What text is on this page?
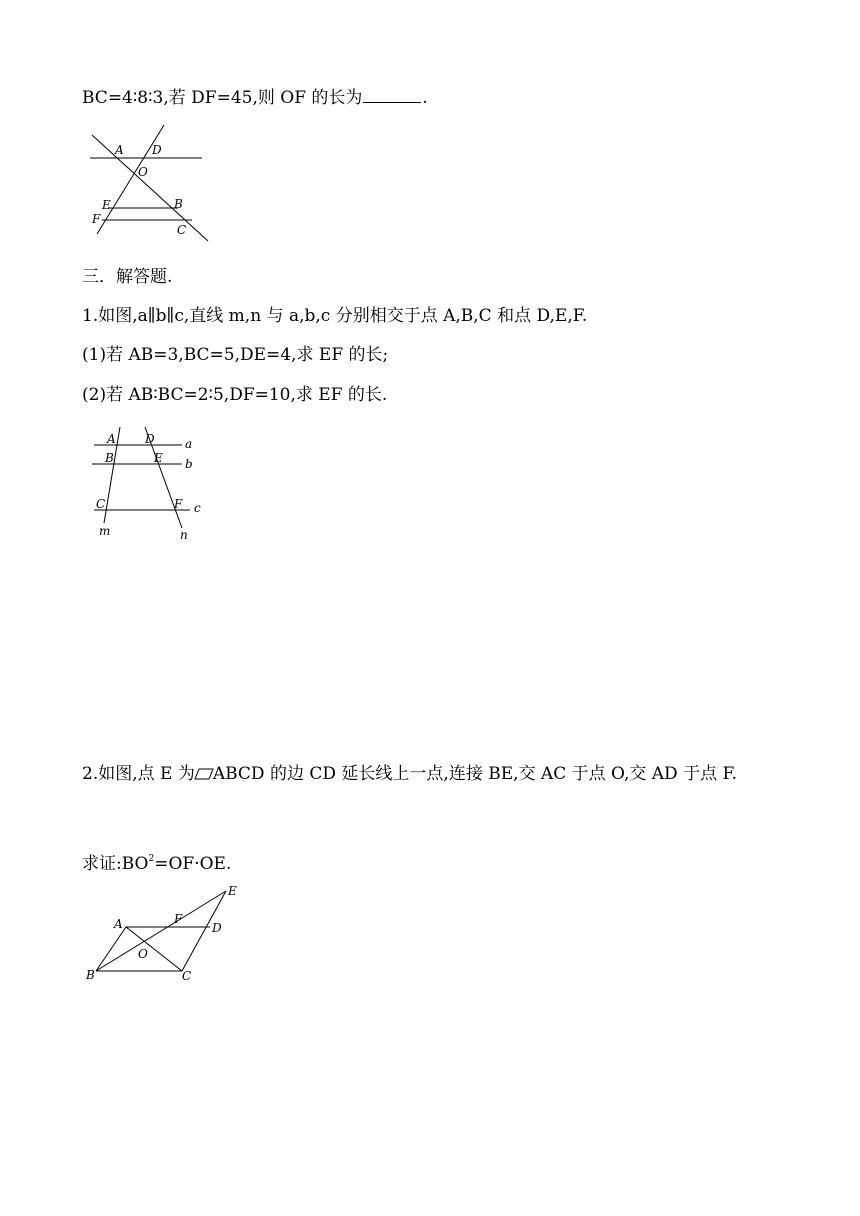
BC=4∶8∶3,若 DF=45,则 OF 的长为	.
A D
O
E	B
F
C
三．解答题.
1.如图,a∥b∥c,直线 m,n 与 a,b,c 分别相交于点 A,B,C 和点 D,E,F.
(1)若 AB=3,BC=5,DE=4,求 EF 的长;
(2)若 AB∶BC=2∶5,DF=10,求 EF 的长.
A D	a
B	E b
C	F c
m	n
2.如图,点 E 为 ABCD 的边 CD 延长线上一点,连接 BE,交 AC 于点 O,交 AD 于点 F.
求证$:BO^2=OF\cdot OE$.
E
A	F
D
O
B	C
